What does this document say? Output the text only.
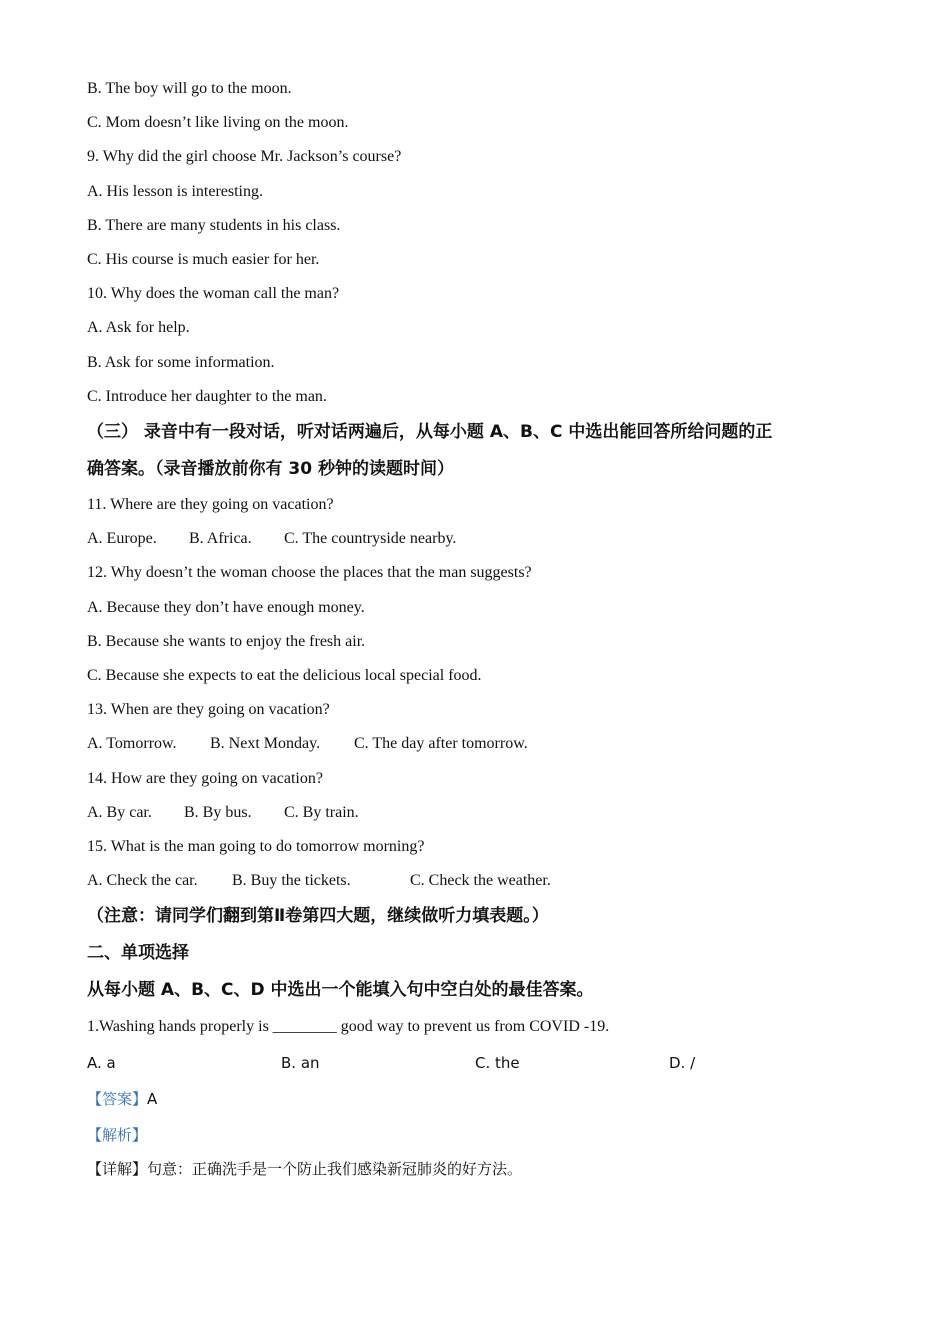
B. The boy will go to the moon.
C. Mom doesn’t like living on the moon.
9. Why did the girl choose Mr. Jackson’s course?
A. His lesson is interesting.
B. There are many students in his class.
C. His course is much easier for her.
10. Why does the woman call the man?
A. Ask for help.
B. Ask for some information.
C. Introduce her daughter to the man.
（三） 录音中有一段对话，听对话两遍后，从每小题 A、B、C 中选出能回答所给问题的正
确答案。（录音播放前你有 30 秒钟的读题时间）
11. Where are they going on vacation?
A. Europe. B. Africa. C. The countryside nearby.
12. Why doesn’t the woman choose the places that the man suggests?
A. Because they don’t have enough money.
B. Because she wants to enjoy the fresh air.
C. Because she expects to eat the delicious local special food.
13. When are they going on vacation?
A. Tomorrow. B. Next Monday. C. The day after tomorrow.
14. How are they going on vacation?
A. By car. B. By bus. C. By train.
15. What is the man going to do tomorrow morning?
A. Check the car. B. Buy the tickets.	C. Check the weather.
（注意：请同学们翻到第Ⅱ卷第四大题，继续做听力填表题。）
二、单项选择
从每小题 A、B、C、D 中选出一个能填入句中空白处的最佳答案。
1.Washing hands properly is ________ good way to prevent us from COVID -19.
A. a	B. an	C. the	D. /
【答案】A
【解析】
【详解】句意：正确洗手是一个防止我们感染新冠肺炎的好方法。
